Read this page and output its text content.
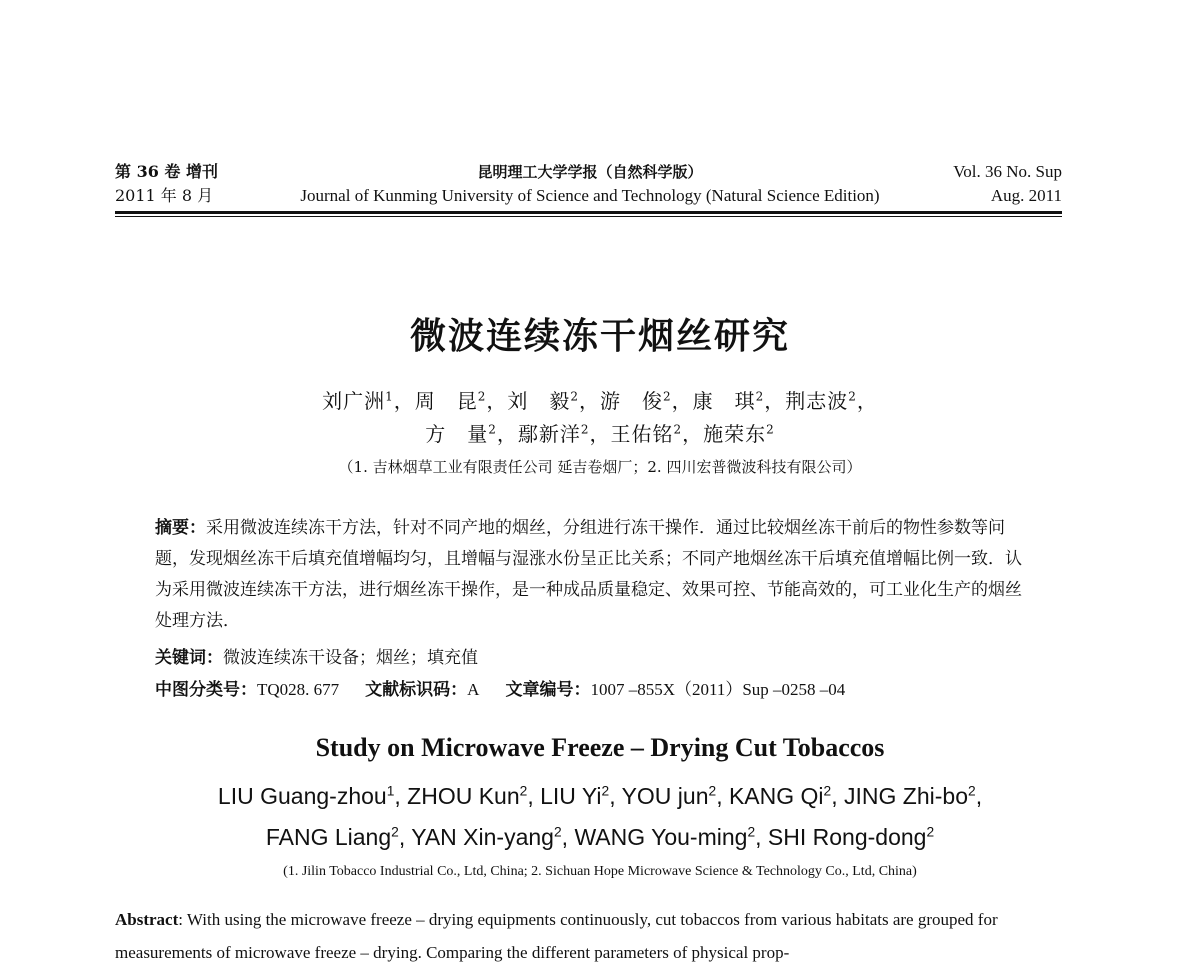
第 36 卷 增刊
2011 年 8 月
昆明理工大学学报（自然科学版）
Journal of Kunming University of Science and Technology (Natural Science Edition)
Vol. 36 No. Sup
Aug. 2011
微波连续冻干烟丝研究
刘广洲$^1$，周　昆$^2$，刘　毅$^2$，游　俊$^2$，康　琪$^2$，荆志波$^2$，
方　量$^2$，鄢新洋$^2$，王佑铭$^2$，施荣东$^2$
（1. 吉林烟草工业有限责任公司 延吉卷烟厂；2. 四川宏普微波科技有限公司）
摘要：采用微波连续冻干方法，针对不同产地的烟丝，分组进行冻干操作．通过比较烟丝冻干前后的物性参数等问题，发现烟丝冻干后填充值增幅均匀，且增幅与湿涨水份呈正比关系；不同产地烟丝冻干后填充值增幅比例一致．认为采用微波连续冻干方法，进行烟丝冻干操作，是一种成品质量稳定、效果可控、节能高效的，可工业化生产的烟丝处理方法．
关键词：微波连续冻干设备；烟丝；填充值
中图分类号：TQ028. 677 文献标识码：A 文章编号：1007 –855X（2011）Sup –0258 –04
Study on Microwave Freeze – Drying Cut Tobaccos
LIU Guang-zhou$^1$, ZHOU Kun$^2$, LIU Yi$^2$, YOU jun$^2$, KANG Qi$^2$, JING Zhi-$bo^2$,
FANG Liang$^2$, YAN Xin-yang$^2$, WANG You-ming$^2$, SHI Rong-dong$^2$
(1. Jilin Tobacco Industrial Co., Ltd, China; 2. Sichuan Hope Microwave Science & Technology Co., Ltd, China)
Abstract: With using the microwave freeze – drying equipments continuously, cut tobaccos from various habitats are grouped for measurements of microwave freeze – drying. Comparing the different parameters of physical prop-
